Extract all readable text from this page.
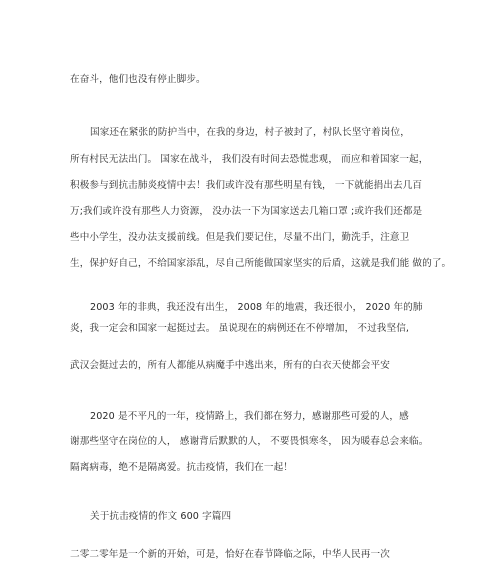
在奋斗，他们也没有停止脚步。
国家还在紧张的防护当中，在我的身边，村子被封了，村队长坚守着岗位，
所有村民无法出门。 国家在战斗， 我们没有时间去恐慌悲观， 而应和着国家一起，
积极参与到抗击肺炎疫情中去！我们或许没有那些明星有钱， 一下就能捐出去几百
万;我们或许没有那些人力资源， 没办法一下为国家送去几箱口罩 ;或许我们还都是
些中小学生，没办法支援前线。但是我们要记住，尽量不出门，勤洗手，注意卫
生，保护好自己，不给国家添乱，尽自己所能做国家坚实的后盾，这就是我们能 做的了。
2003 年的非典，我还没有出生， 2008 年的地震，我还很小， 2020 年的肺
炎，我一定会和国家一起挺过去。 虽说现在的病例还在不停增加， 不过我坚信,
武汉会挺过去的，所有人都能从病魔手中逃出来，所有的白衣天使都会平安
2020 是不平凡的一年，疫情路上，我们都在努力，感谢那些可爱的人，感
谢那些坚守在岗位的人， 感谢背后默默的人， 不要畏惧寒冬， 因为暖春总会来临。
隔离病毒，绝不是隔离爱。抗击疫情，我们在一起！
关于抗击疫情的作文 600 字篇四
二零二零年是一个新的开始，可是，恰好在春节降临之际，中华人民再一次
